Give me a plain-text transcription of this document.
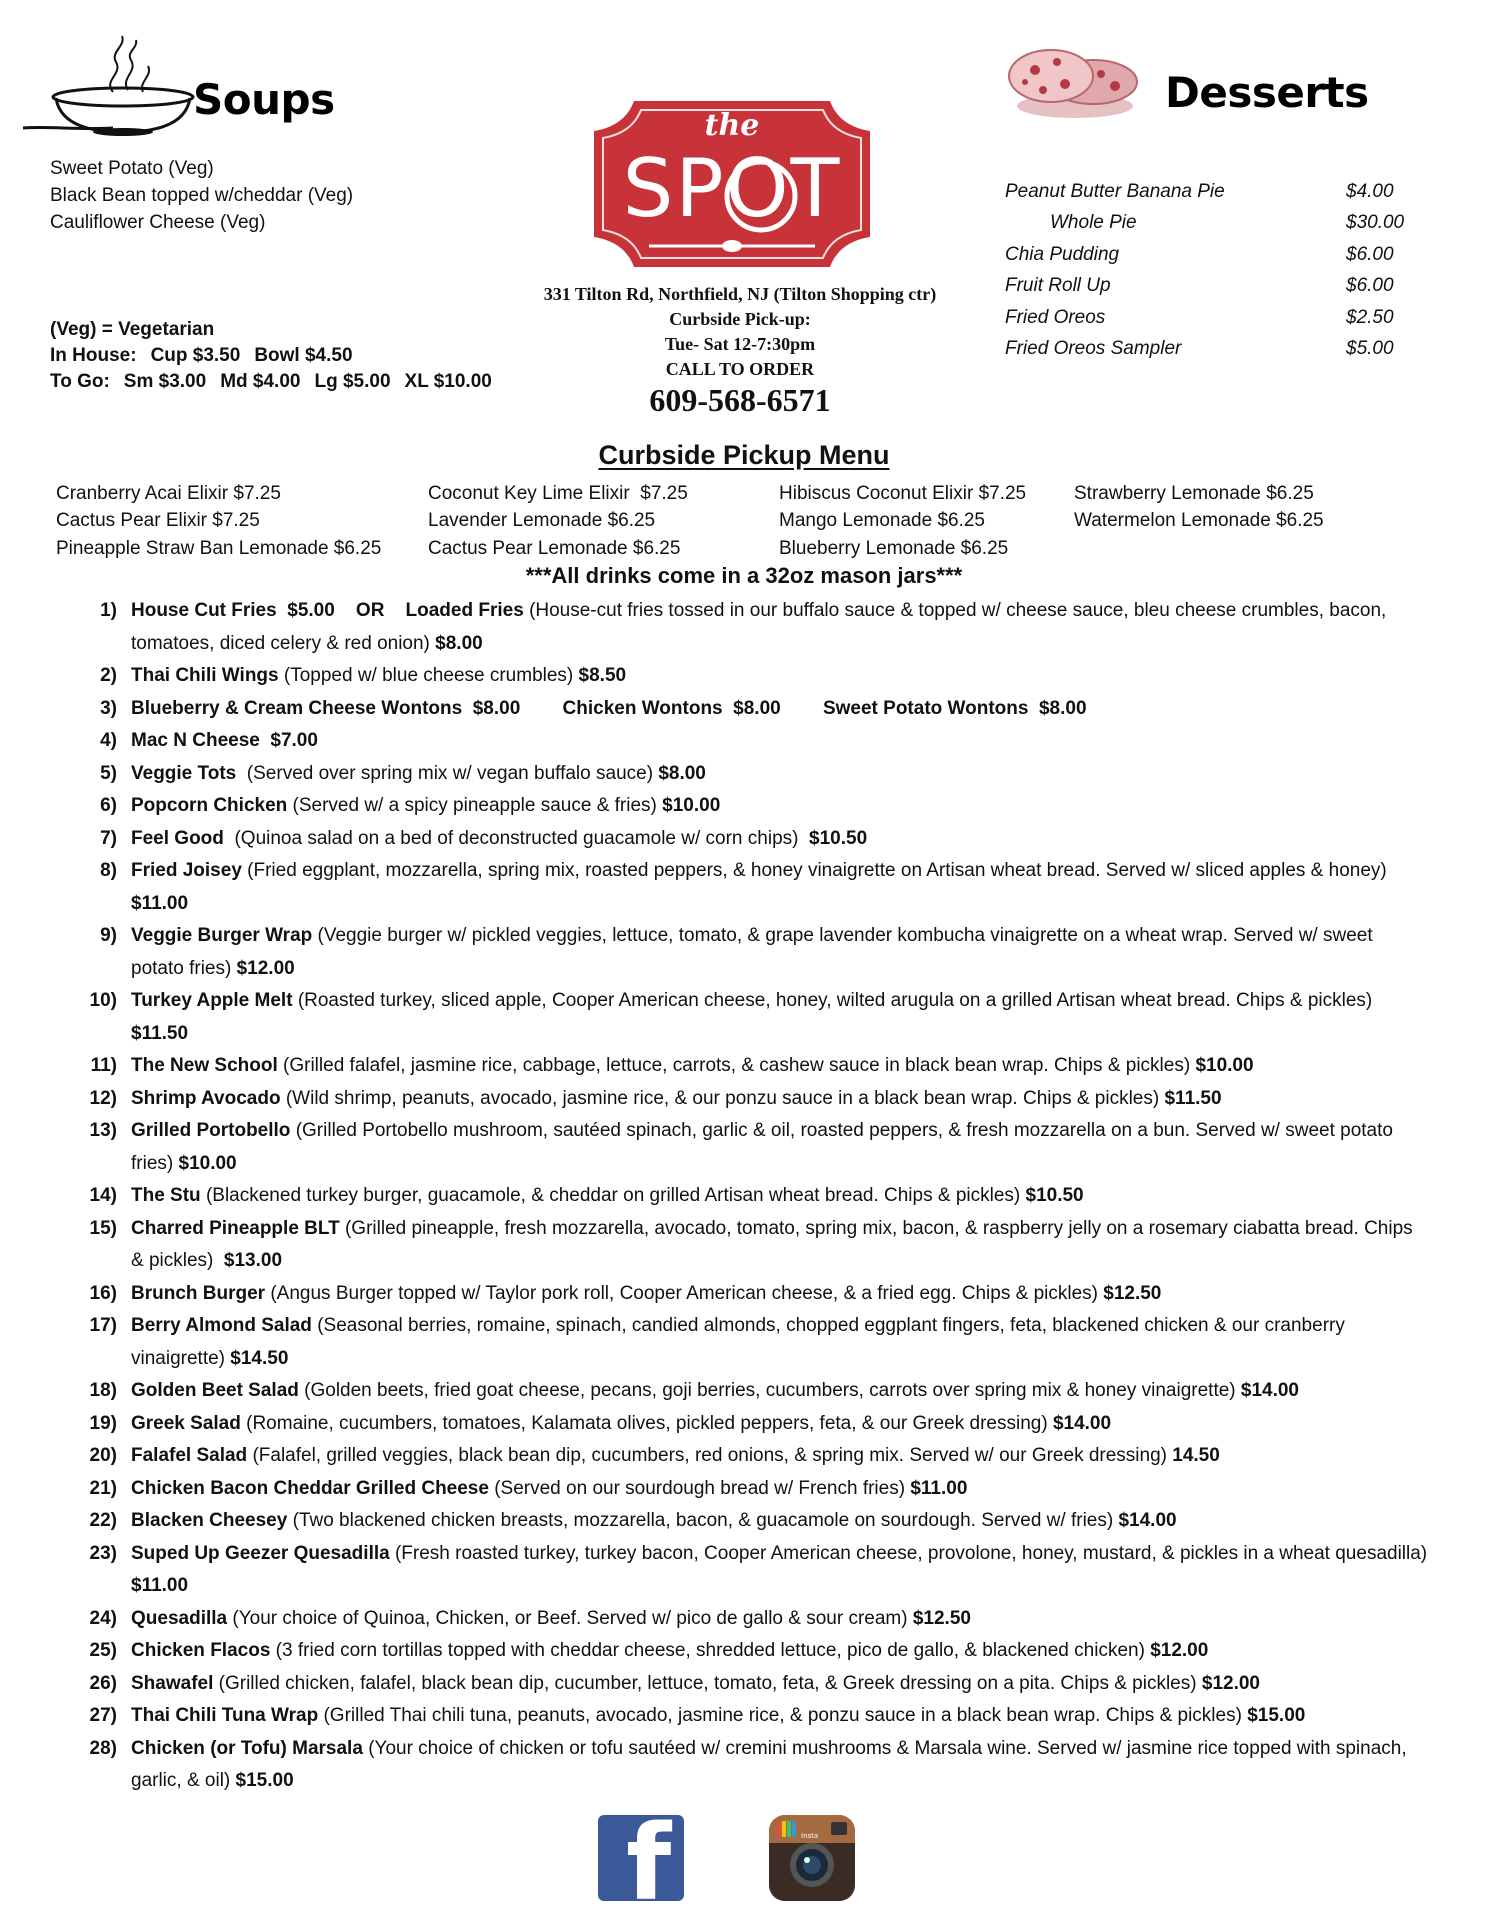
Soups
Sweet Potato (Veg)
Black Bean topped w/cheddar (Veg)
Cauliflower Cheese (Veg)
(Veg) = Vegetarian
In House: Cup $3.50 Bowl $4.50
To Go: Sm $3.00 Md $4.00 Lg $5.00 XL $10.00
the
SPOT
331 Tilton Rd, Northfield, NJ (Tilton Shopping ctr)
Curbside Pick-up:
Tue- Sat 12-7:30pm
CALL TO ORDER
609-568-6571
Desserts
Peanut Butter Banana Pie	$4.00
Whole Pie	$30.00
Chia Pudding	$6.00
Fruit Roll Up	$6.00
Fried Oreos	$2.50
Fried Oreos Sampler	$5.00
Curbside Pickup Menu
Cranberry Acai Elixir $7.25
Cactus Pear Elixir $7.25
Pineapple Straw Ban Lemonade $6.25
Coconut Key Lime Elixir  $7.25
Lavender Lemonade $6.25
Cactus Pear Lemonade $6.25
Hibiscus Coconut Elixir $7.25
Mango Lemonade $6.25
Blueberry Lemonade $6.25
Strawberry Lemonade $6.25
Watermelon Lemonade $6.25
***All drinks come in a 32oz mason jars***
1) House Cut Fries  $5.00    OR    Loaded Fries (House-cut fries tossed in our buffalo sauce & topped w/ cheese sauce, bleu cheese crumbles, bacon, tomatoes, diced celery & red onion) $8.00
2) Thai Chili Wings (Topped w/ blue cheese crumbles) $8.50
3) Blueberry & Cream Cheese Wontons  $8.00        Chicken Wontons  $8.00        Sweet Potato Wontons  $8.00
4) Mac N Cheese  $7.00
5) Veggie Tots  (Served over spring mix w/ vegan buffalo sauce) $8.00
6) Popcorn Chicken (Served w/ a spicy pineapple sauce & fries) $10.00
7) Feel Good  (Quinoa salad on a bed of deconstructed guacamole w/ corn chips)  $10.50
8) Fried Joisey (Fried eggplant, mozzarella, spring mix, roasted peppers, & honey vinaigrette on Artisan wheat bread. Served w/ sliced apples & honey) $11.00
9) Veggie Burger Wrap (Veggie burger w/ pickled veggies, lettuce, tomato, & grape lavender kombucha vinaigrette on a wheat wrap. Served w/ sweet potato fries) $12.00
10) Turkey Apple Melt (Roasted turkey, sliced apple, Cooper American cheese, honey, wilted arugula on a grilled Artisan wheat bread. Chips & pickles)  $11.50
11) The New School (Grilled falafel, jasmine rice, cabbage, lettuce, carrots, & cashew sauce in black bean wrap. Chips & pickles) $10.00
12) Shrimp Avocado (Wild shrimp, peanuts, avocado, jasmine rice, & our ponzu sauce in a black bean wrap. Chips & pickles) $11.50
13) Grilled Portobello (Grilled Portobello mushroom, sautéed spinach, garlic & oil, roasted peppers, & fresh mozzarella on a bun. Served w/ sweet potato fries) $10.00
14) The Stu (Blackened turkey burger, guacamole, & cheddar on grilled Artisan wheat bread. Chips & pickles) $10.50
15) Charred Pineapple BLT (Grilled pineapple, fresh mozzarella, avocado, tomato, spring mix, bacon, & raspberry jelly on a rosemary ciabatta bread. Chips & pickles)  $13.00
16) Brunch Burger (Angus Burger topped w/ Taylor pork roll, Cooper American cheese, & a fried egg. Chips & pickles) $12.50
17) Berry Almond Salad (Seasonal berries, romaine, spinach, candied almonds, chopped eggplant fingers, feta, blackened chicken & our cranberry vinaigrette) $14.50
18) Golden Beet Salad (Golden beets, fried goat cheese, pecans, goji berries, cucumbers, carrots over spring mix & honey vinaigrette) $14.00
19) Greek Salad (Romaine, cucumbers, tomatoes, Kalamata olives, pickled peppers, feta, & our Greek dressing) $14.00
20) Falafel Salad (Falafel, grilled veggies, black bean dip, cucumbers, red onions, & spring mix. Served w/ our Greek dressing) 14.50
21) Chicken Bacon Cheddar Grilled Cheese (Served on our sourdough bread w/ French fries) $11.00
22) Blacken Cheesey (Two blackened chicken breasts, mozzarella, bacon, & guacamole on sourdough. Served w/ fries) $14.00
23) Suped Up Geezer Quesadilla (Fresh roasted turkey, turkey bacon, Cooper American cheese, provolone, honey, mustard, & pickles in a wheat quesadilla) $11.00
24) Quesadilla (Your choice of Quinoa, Chicken, or Beef. Served w/ pico de gallo & sour cream) $12.50
25) Chicken Flacos (3 fried corn tortillas topped with cheddar cheese, shredded lettuce, pico de gallo, & blackened chicken) $12.00
26) Shawafel (Grilled chicken, falafel, black bean dip, cucumber, lettuce, tomato, feta, & Greek dressing on a pita. Chips & pickles) $12.00
27) Thai Chili Tuna Wrap (Grilled Thai chili tuna, peanuts, avocado, jasmine rice, & ponzu sauce in a black bean wrap. Chips & pickles) $15.00
28) Chicken (or Tofu) Marsala (Your choice of chicken or tofu sautéed w/ cremini mushrooms & Marsala wine. Served w/ jasmine rice topped with spinach, garlic, & oil) $15.00
f	Insta
